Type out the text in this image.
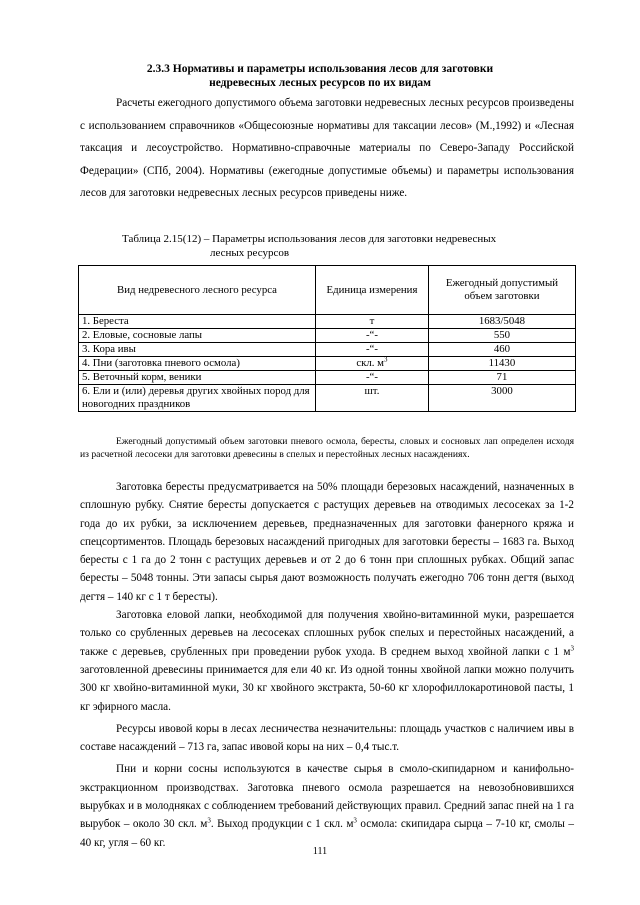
2.3.3 Нормативы и параметры использования лесов для заготовки
недревесных лесных ресурсов по их видам

Расчеты ежегодного допустимого объема заготовки недревесных лесных ресурсов произведены с использованием справочников «Общесоюзные нормативы для таксации лесов» (М.,1992) и «Лесная таксация и лесоустройство. Нормативно-справочные материалы по Северо-Западу Российской Федерации» (СПб, 2004). Нормативы (ежегодные допустимые объемы) и параметры использования лесов для заготовки недревесных лесных ресурсов приведены ниже.

Таблица 2.15(12) – Параметры использования лесов для заготовки недревесных
лесных ресурсов
Вид недревесного лесного ресурса	Единица измерения	Ежегодный допустимый объем заготовки
1. Береста	т	1683/5048
2. Еловые, сосновые лапы	-“-	550
3. Кора ивы	-“-	460
4. Пни (заготовка пневого осмола)	скл. $м^3$	11430
5. Веточный корм, веники	-“-	71
6. Ели и (или) деревья других хвойных пород для новогодних праздников	шт.	3000
Ежегодный допустимый объем заготовки пневого осмола, бересты, словых и сосновых лап определен исходя из расчетной лесосеки для заготовки древесины в спелых и перестойных лесных насаждениях.

Заготовка бересты предусматривается на 50% площади березовых насаждений, назначенных в сплошную рубку. Снятие бересты допускается с растущих деревьев на отводимых лесосеках за 1-2 года до их рубки, за исключением деревьев, предназначенных для заготовки фанерного кряжа и спецсортиментов. Площадь березовых насаждений пригодных для заготовки бересты – 1683 га. Выход бересты с 1 га до 2 тонн с растущих деревьев и от 2 до 6 тонн при сплошных рубках. Общий запас бересты – 5048 тонны. Эти запасы сырья дают возможность получать ежегодно 706 тонн дегтя (выход дегтя – 140 кг с 1 т бересты).

Заготовка еловой лапки, необходимой для получения хвойно-витаминной муки, разрешается только со срубленных деревьев на лесосеках сплошных рубок спелых и перестойных насаждений, а также с деревьев, срубленных при проведении рубок ухода. В среднем выход хвойной лапки с 1 $м^3$ заготовленной древесины принимается для ели 40 кг. Из одной тонны хвойной лапки можно получить 300 кг хвойно-витаминной муки, 30 кг хвойного экстракта, 50-60 кг хлорофиллокаротиновой пасты, 1 кг эфирного масла.

Ресурсы ивовой коры в лесах лесничества незначительны: площадь участков с наличием ивы в составе насаждений – 713 га, запас ивовой коры на них – 0,4 тыс.т.

Пни и корни сосны используются в качестве сырья в смоло-скипидарном и канифольно-экстракционном производствах. Заготовка пневого осмола разрешается на невозобновившихся вырубках и в молодняках с соблюдением требований действующих правил. Средний запас пней на 1 га вырубок – около 30 скл. $м^3$. Выход продукции с 1 скл. $м^3$ осмола: скипидара сырца – 7-10 кг, смолы – 40 кг, угля – 60 кг.

111
